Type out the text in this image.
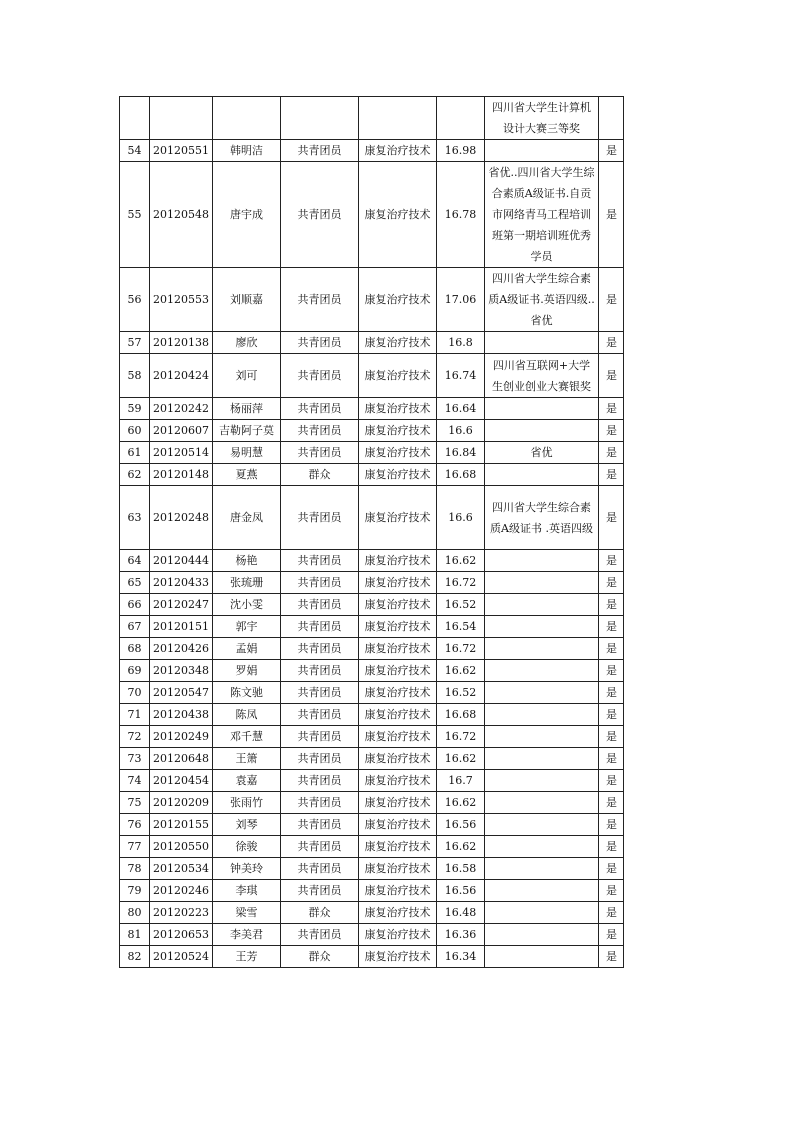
						四川省大学生计算机设计大赛三等奖	
54	20120551	韩明洁	共青团员	康复治疗技术	16.98		是
55	20120548	唐宇成	共青团员	康复治疗技术	16.78	省优..四川省大学生综合素质A级证书.自贡市网络青马工程培训班第一期培训班优秀学员	是
56	20120553	刘顺嘉	共青团员	康复治疗技术	17.06	四川省大学生综合素质A级证书.英语四级..省优	是
57	20120138	廖欣	共青团员	康复治疗技术	16.8		是
58	20120424	刘可	共青团员	康复治疗技术	16.74	四川省互联网+大学生创业创业大赛银奖	是
59	20120242	杨丽萍	共青团员	康复治疗技术	16.64		是
60	20120607	吉勒阿子莫	共青团员	康复治疗技术	16.6		是
61	20120514	易明慧	共青团员	康复治疗技术	16.84	省优	是
62	20120148	夏燕	群众	康复治疗技术	16.68		是
63	20120248	唐金凤	共青团员	康复治疗技术	16.6	四川省大学生综合素质A级证书 .英语四级	是
64	20120444	杨艳	共青团员	康复治疗技术	16.62		是
65	20120433	张琉珊	共青团员	康复治疗技术	16.72		是
66	20120247	沈小雯	共青团员	康复治疗技术	16.52		是
67	20120151	郭宇	共青团员	康复治疗技术	16.54		是
68	20120426	孟娟	共青团员	康复治疗技术	16.72		是
69	20120348	罗娟	共青团员	康复治疗技术	16.62		是
70	20120547	陈文驰	共青团员	康复治疗技术	16.52		是
71	20120438	陈凤	共青团员	康复治疗技术	16.68		是
72	20120249	邓千慧	共青团员	康复治疗技术	16.72		是
73	20120648	王箫	共青团员	康复治疗技术	16.62		是
74	20120454	袁嘉	共青团员	康复治疗技术	16.7		是
75	20120209	张雨竹	共青团员	康复治疗技术	16.62		是
76	20120155	刘琴	共青团员	康复治疗技术	16.56		是
77	20120550	徐骏	共青团员	康复治疗技术	16.62		是
78	20120534	钟美玲	共青团员	康复治疗技术	16.58		是
79	20120246	李琪	共青团员	康复治疗技术	16.56		是
80	20120223	梁雪	群众	康复治疗技术	16.48		是
81	20120653	李美君	共青团员	康复治疗技术	16.36		是
82	20120524	王芳	群众	康复治疗技术	16.34		是
